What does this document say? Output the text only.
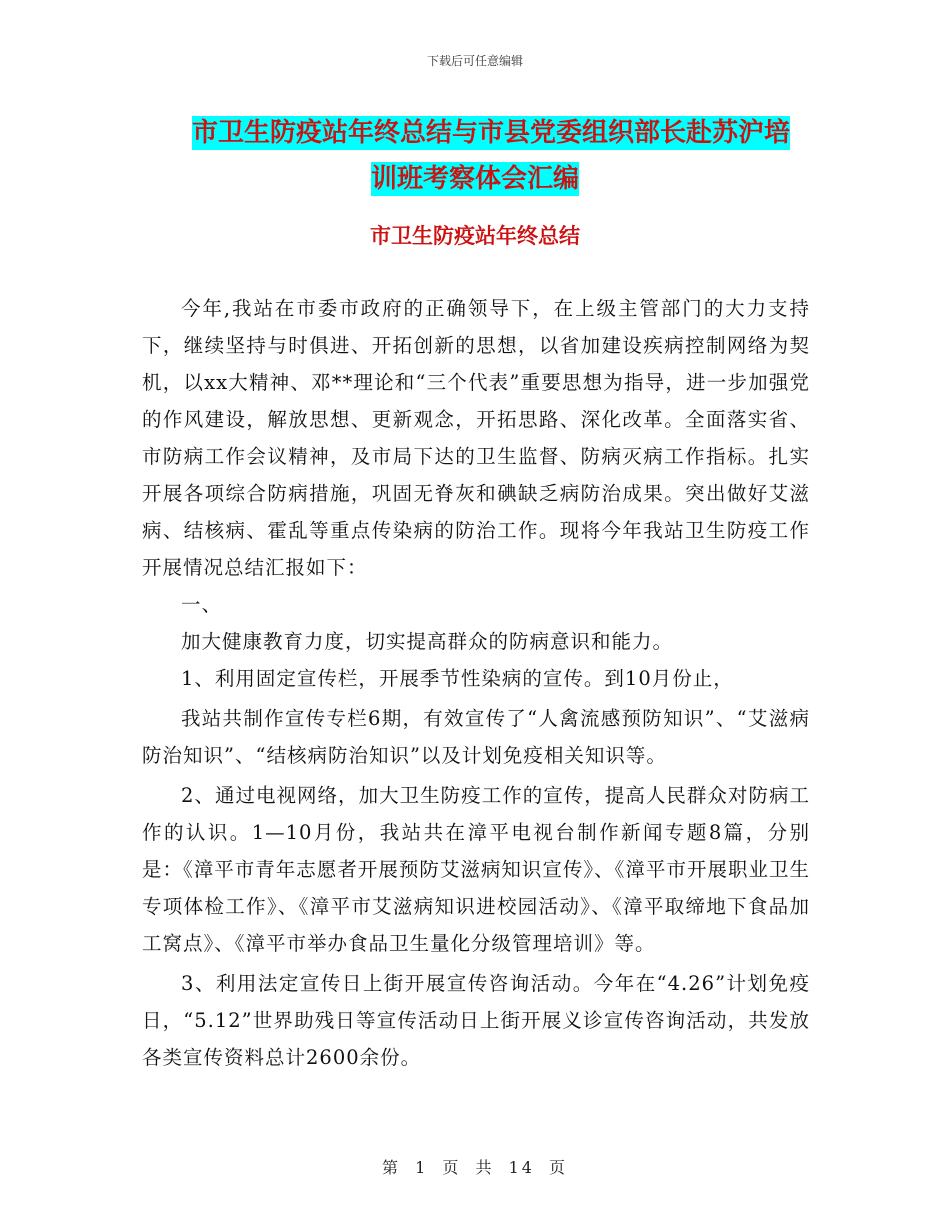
下载后可任意编辑
市卫生防疫站年终总结与市县党委组织部长赴苏沪培
训班考察体会汇编
市卫生防疫站年终总结

今年,我站在市委市政府的正确领导下，在上级主管部门的大力支持下，继续坚持与时俱进、开拓创新的思想，以省加建设疾病控制网络为契机，以xx大精神、邓**理论和“三个代表”重要思想为指导，进一步加强党的作风建设，解放思想、更新观念，开拓思路、深化改革。全面落实省、市防病工作会议精神，及市局下达的卫生监督、防病灭病工作指标。扎实开展各项综合防病措施，巩固无脊灰和碘缺乏病防治成果。突出做好艾滋病、结核病、霍乱等重点传染病的防治工作。现将今年我站卫生防疫工作开展情况总结汇报如下：

一、

加大健康教育力度，切实提高群众的防病意识和能力。

1、利用固定宣传栏，开展季节性染病的宣传。到10月份止，

我站共制作宣传专栏6期，有效宣传了“人禽流感预防知识”、“艾滋病防治知识”、“结核病防治知识”以及计划免疫相关知识等。

2、通过电视网络，加大卫生防疫工作的宣传，提高人民群众对防病工作的认识。1—10月份，我站共在漳平电视台制作新闻专题8篇，分别是：《漳平市青年志愿者开展预防艾滋病知识宣传》、《漳平市开展职业卫生专项体检工作》、《漳平市艾滋病知识进校园活动》、《漳平取缔地下食品加工窝点》、《漳平市举办食品卫生量化分级管理培训》等。

3、利用法定宣传日上街开展宣传咨询活动。今年在“4.26”计划免疫日，“5.12”世界助残日等宣传活动日上街开展义诊宣传咨询活动，共发放各类宣传资料总计2600余份。

第 1 页 共 14 页
